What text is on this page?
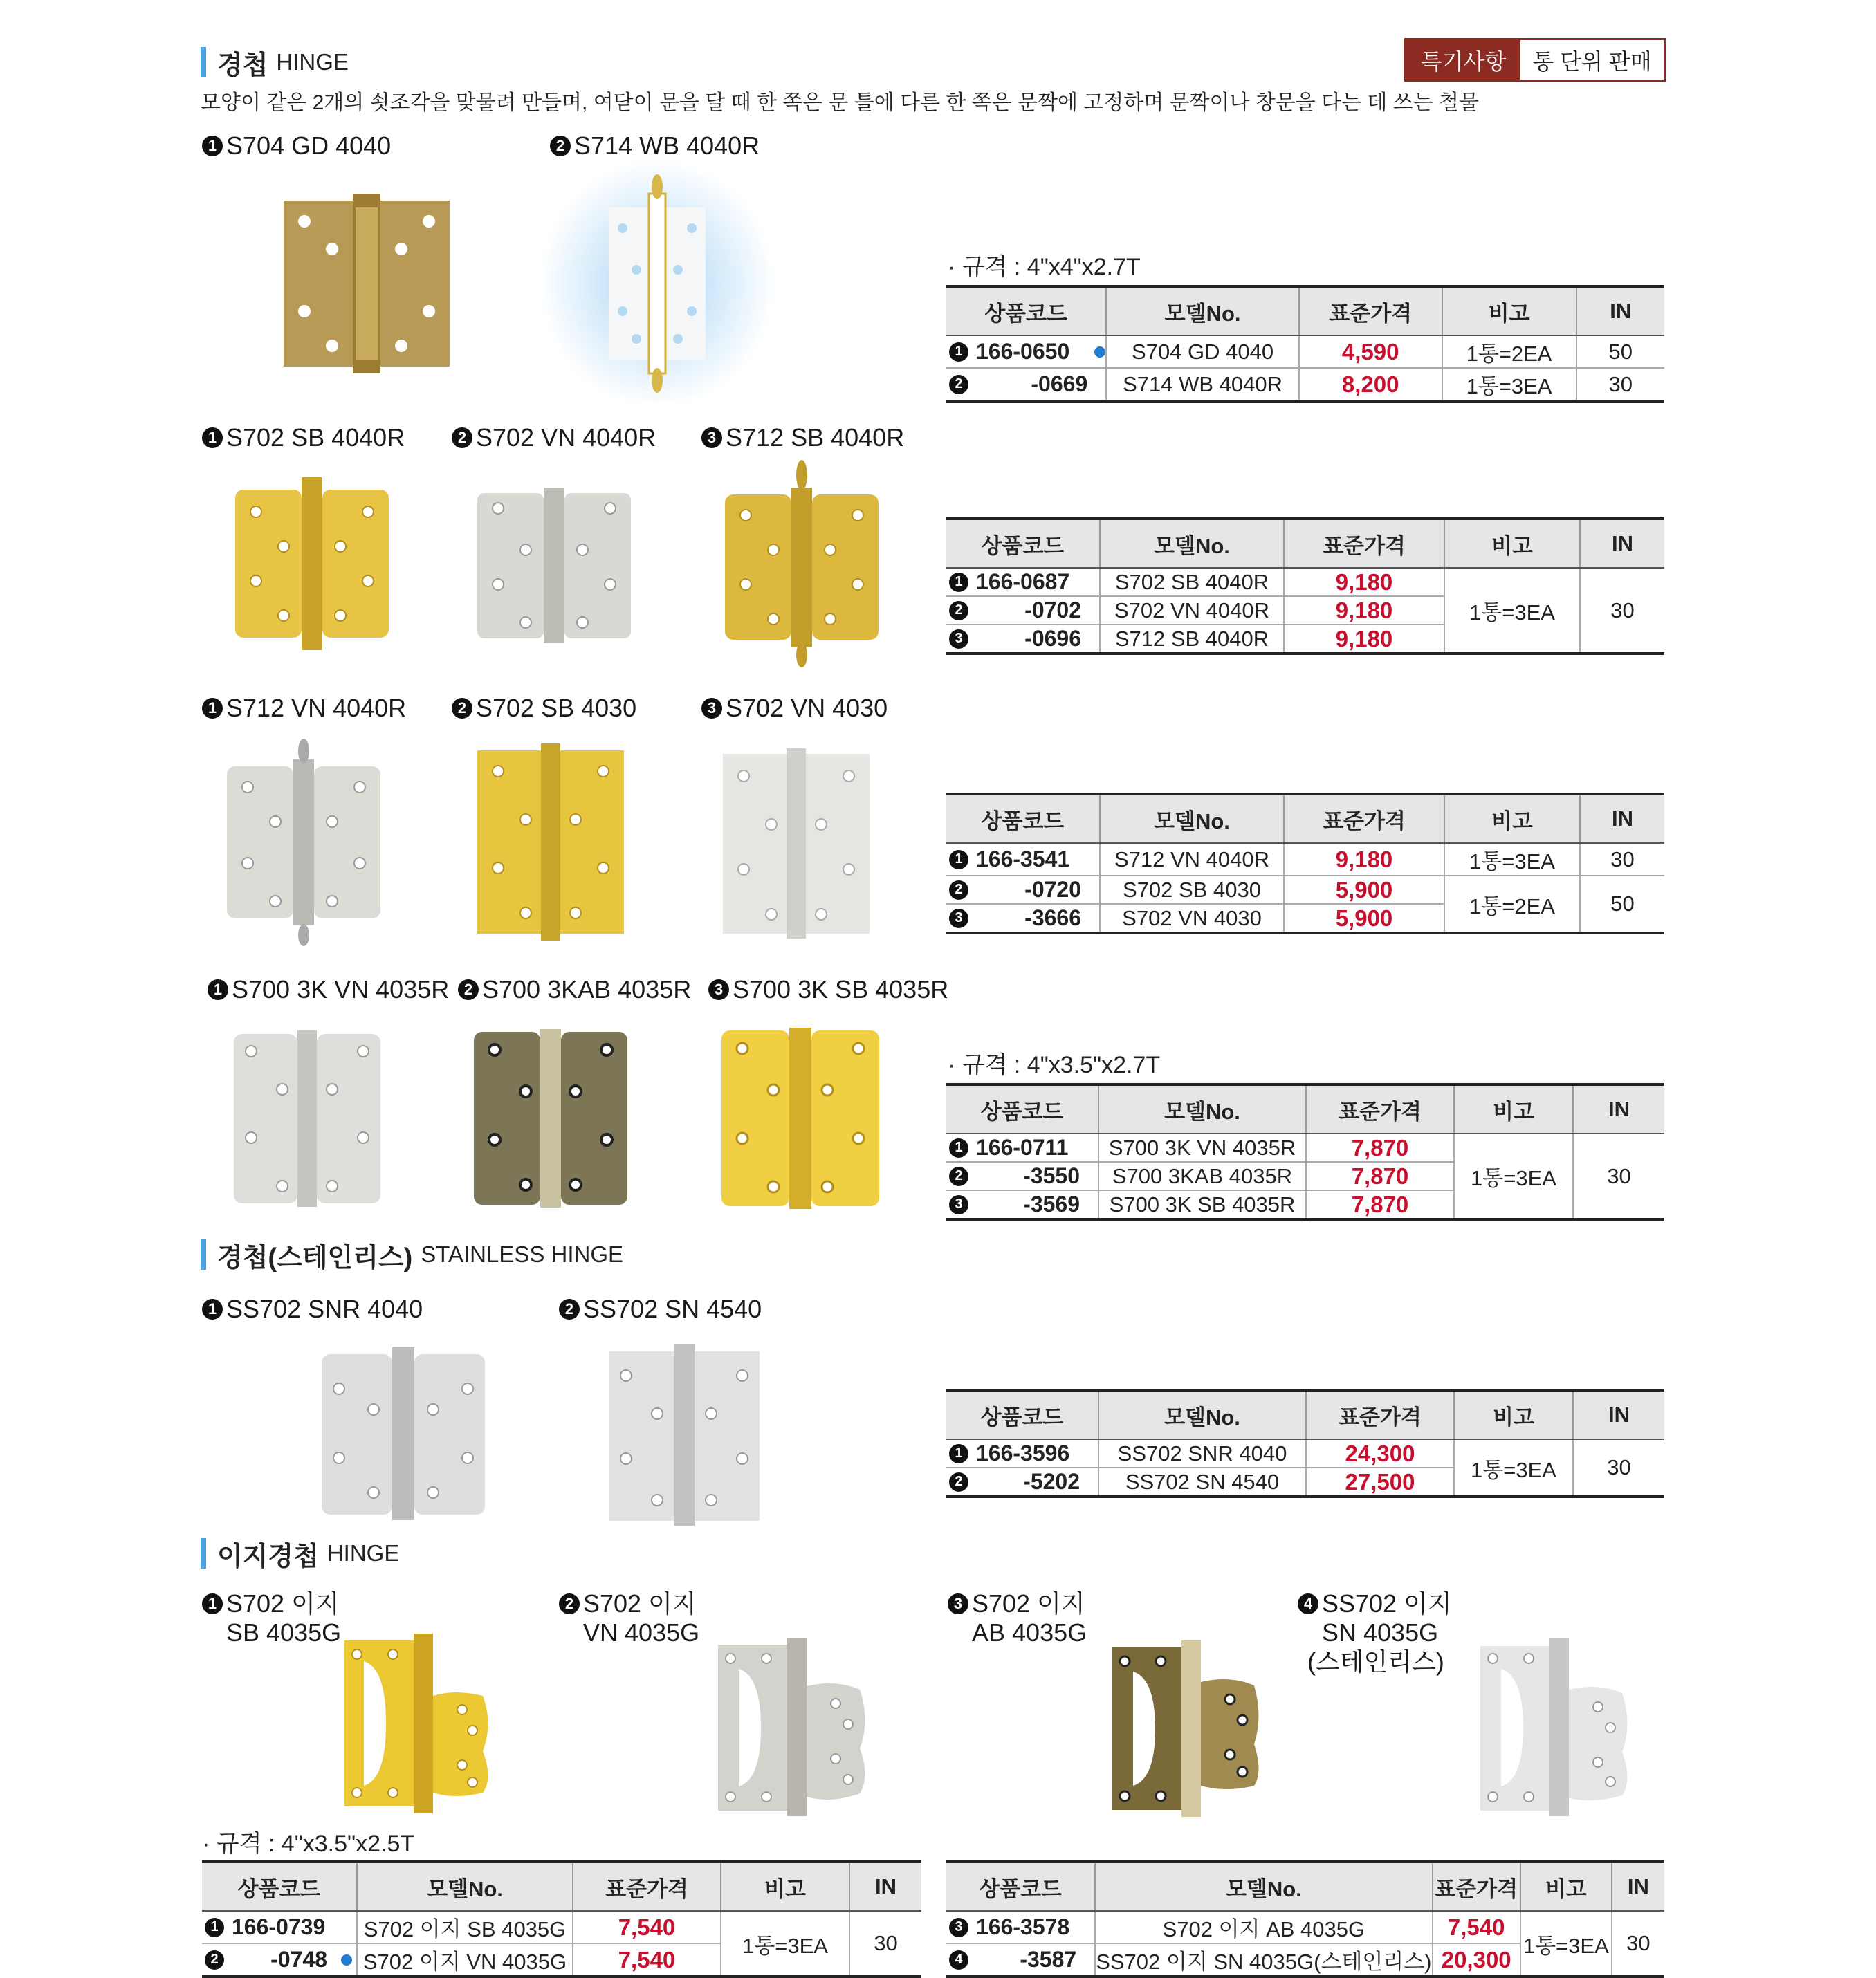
경첩 HINGE	특기사항	통 단위 판매
모양이 같은 2개의 쇳조각을 맞물려 만들며, 여닫이 문을 달 때 한 쪽은 문 틀에 다른 한 쪽은 문짝에 고정하며 문짝이나 창문을 다는 데 쓰는 철물
1 S704 GD 4040	2 S714 WB 4040R
· 규격 : 4"x4"x2.7T
상품코드	모델No.	표준가격	비고	IN

1 166-0650	S704 GD 4040	4,590	1통=2EA	50

2 -0669	S714 WB 4040R	8,200	1통=3EA	30
1 S702 SB 4040R	2 S702 VN 4040R	3 S712 SB 4040R
상품코드	모델No.	표준가격	비고	IN

1 166-0687	S702 SB 4040R	9,180	1통=3EA	30

2 -0702	S702 VN 4040R	9,180		

3 -0696	S712 SB 4040R	9,180		
1 S712 VN 4040R	2 S702 SB 4030	3 S702 VN 4030
상품코드	모델No.	표준가격	비고	IN

1 166-3541	S712 VN 4040R	9,180	1통=3EA	30

2 -0720	S702 SB 4030	5,900	1통=2EA	50

3 -3666	S702 VN 4030	5,900		
1 S700 3K VN 4035R 2 S700 3KAB 4035R	3 S700 3K SB 4035R
· 규격 : 4"x3.5"x2.7T
상품코드	모델No.	표준가격	비고	IN

1 166-0711	S700 3K VN 4035R	7,870	1통=3EA	30

2 -3550	S700 3KAB 4035R	7,870		

3 -3569	S700 3K SB 4035R	7,870		
경첩(스테인리스) STAINLESS HINGE
1 SS702 SNR 4040	2 SS702 SN 4540
상품코드	모델No.	표준가격	비고	IN

1 166-3596	SS702 SNR 4040	24,300	1통=3EA	30

2 -5202	SS702 SN 4540	27,500		
이지경첩 HINGE
1 S702 이지
SB 4035G
2 S702 이지
VN 4035G
3 S702 이지
AB 4035G
4 SS702 이지
SN 4035G
(스테인리스)
· 규격 : 4"x3.5"x2.5T
상품코드	모델No.	표준가격	비고	IN

1 166-0739	S702 이지 SB 4035G	7,540	1통=3EA	30

2 -0748	S702 이지 VN 4035G	7,540		
상품코드	모델No.	표준가격	비고	IN

3 166-3578	S702 이지 AB 4035G	7,540	1통=3EA	30

4 -3587	SS702 이지 SN 4035G(스테인리스)	20,300		
